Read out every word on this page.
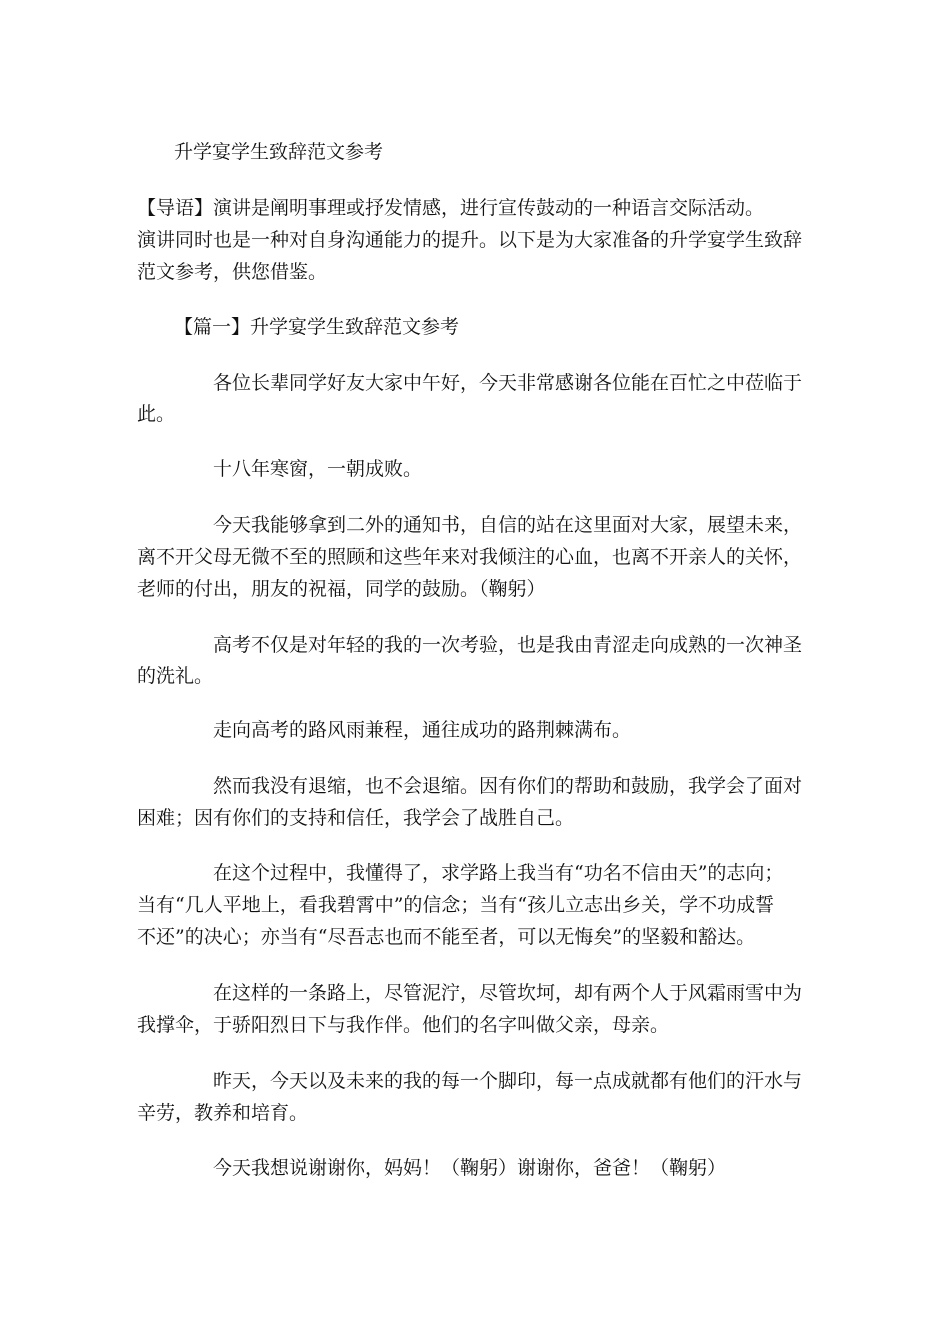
升学宴学生致辞范文参考
【导语】演讲是阐明事理或抒发情感，进行宣传鼓动的一种语言交际活动。
演讲同时也是一种对自身沟通能力的提升。以下是为大家准备的升学宴学生致辞
范文参考，供您借鉴。
【篇一】升学宴学生致辞范文参考
各位长辈同学好友大家中午好，今天非常感谢各位能在百忙之中莅临于
此。
十八年寒窗，一朝成败。
今天我能够拿到二外的通知书，自信的站在这里面对大家，展望未来，
离不开父母无微不至的照顾和这些年来对我倾注的心血，也离不开亲人的关怀，
老师的付出，朋友的祝福，同学的鼓励。（鞠躬）
高考不仅是对年轻的我的一次考验，也是我由青涩走向成熟的一次神圣
的洗礼。
走向高考的路风雨兼程，通往成功的路荆棘满布。
然而我没有退缩，也不会退缩。因有你们的帮助和鼓励，我学会了面对
困难；因有你们的支持和信任，我学会了战胜自己。
在这个过程中，我懂得了，求学路上我当有“功名不信由天”的志向；
当有“几人平地上，看我碧霄中”的信念；当有“孩儿立志出乡关，学不功成誓
不还”的决心；亦当有“尽吾志也而不能至者，可以无悔矣”的坚毅和豁达。
在这样的一条路上，尽管泥泞，尽管坎坷，却有两个人于风霜雨雪中为
我撑伞，于骄阳烈日下与我作伴。他们的名字叫做父亲，母亲。
昨天，今天以及未来的我的每一个脚印，每一点成就都有他们的汗水与
辛劳，教养和培育。
今天我想说谢谢你，妈妈！（鞠躬）谢谢你，爸爸！（鞠躬）
